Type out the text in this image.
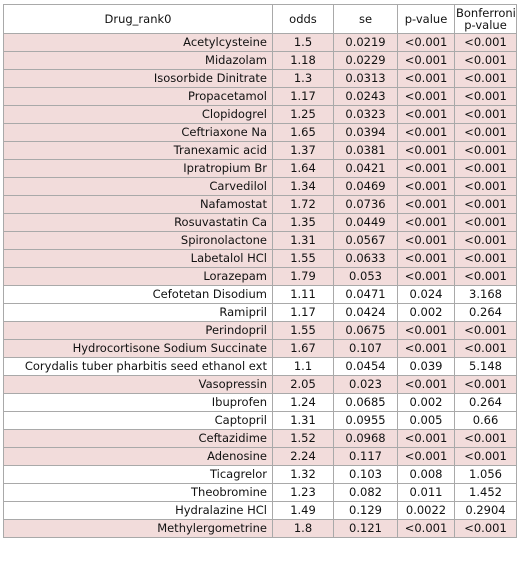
Drug_rank0	odds	se	p-value	Bonferroni p-value
Acetylcysteine	1.5	0.0219	<0.001	<0.001
Midazolam	1.18	0.0229	<0.001	<0.001
Isosorbide Dinitrate	1.3	0.0313	<0.001	<0.001
Propacetamol	1.17	0.0243	<0.001	<0.001
Clopidogrel	1.25	0.0323	<0.001	<0.001
Ceftriaxone Na	1.65	0.0394	<0.001	<0.001
Tranexamic acid	1.37	0.0381	<0.001	<0.001
Ipratropium Br	1.64	0.0421	<0.001	<0.001
Carvedilol	1.34	0.0469	<0.001	<0.001
Nafamostat	1.72	0.0736	<0.001	<0.001
Rosuvastatin Ca	1.35	0.0449	<0.001	<0.001
Spironolactone	1.31	0.0567	<0.001	<0.001
Labetalol HCl	1.55	0.0633	<0.001	<0.001
Lorazepam	1.79	0.053	<0.001	<0.001
Cefotetan Disodium	1.11	0.0471	0.024	3.168
Ramipril	1.17	0.0424	0.002	0.264
Perindopril	1.55	0.0675	<0.001	<0.001
Hydrocortisone Sodium Succinate	1.67	0.107	<0.001	<0.001
Corydalis tuber pharbitis seed ethanol ext	1.1	0.0454	0.039	5.148
Vasopressin	2.05	0.023	<0.001	<0.001
Ibuprofen	1.24	0.0685	0.002	0.264
Captopril	1.31	0.0955	0.005	0.66
Ceftazidime	1.52	0.0968	<0.001	<0.001
Adenosine	2.24	0.117	<0.001	<0.001
Ticagrelor	1.32	0.103	0.008	1.056
Theobromine	1.23	0.082	0.011	1.452
Hydralazine HCl	1.49	0.129	0.0022	0.2904
Methylergometrine	1.8	0.121	<0.001	<0.001
